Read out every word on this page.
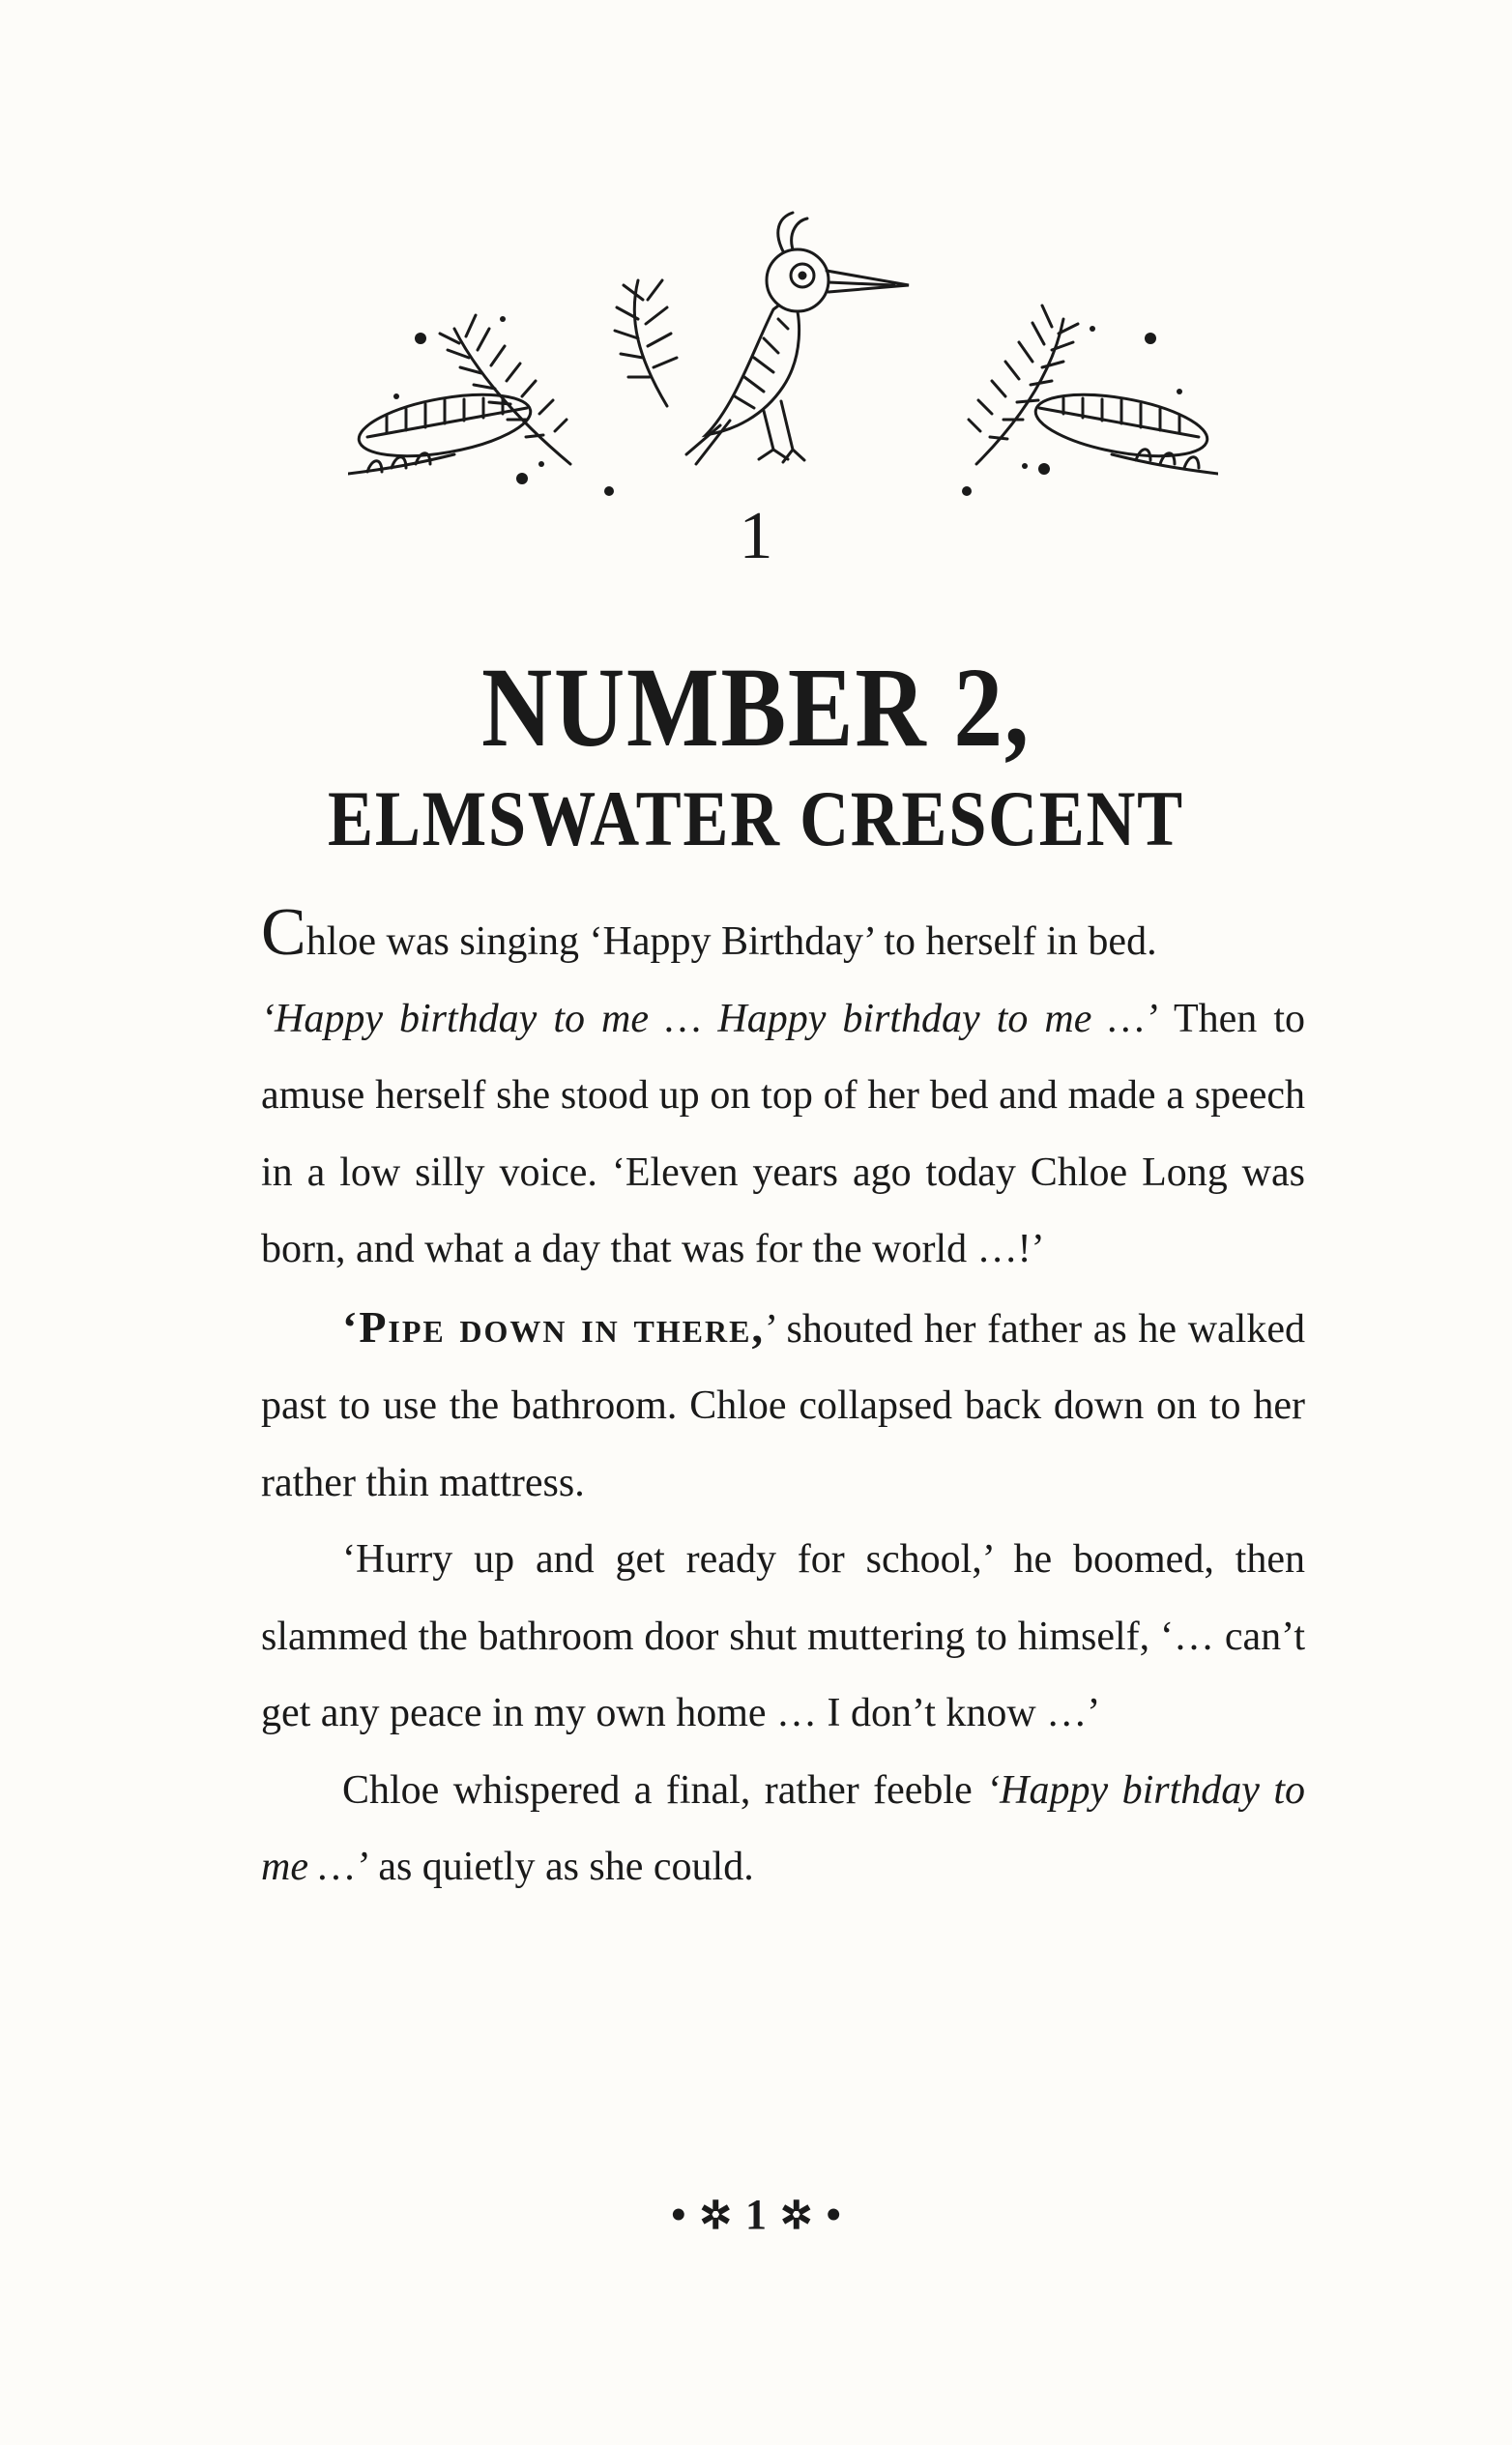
1
NUMBER 2,
ELMSWATER CRESCENT

Chloe was singing ‘Happy Birthday’ to herself in bed.

‘Happy birthday to me … Happy birthday to me …’ Then to amuse herself she stood up on top of her bed and made a speech in a low silly voice. ‘Eleven years ago today Chloe Long was born, and what a day that was for the world …!’

‘Pipe down in there,’ shouted her father as he walked past to use the bathroom. Chloe collapsed back down on to her rather thin mattress.

‘Hurry up and get ready for school,’ he boomed, then slammed the bathroom door shut muttering to himself, ‘… can’t get any peace in my own home … I don’t know …’

Chloe whispered a final, rather feeble ‘Happy birthday to me …’ as quietly as she could.

• ✲ 1 ✲ •
